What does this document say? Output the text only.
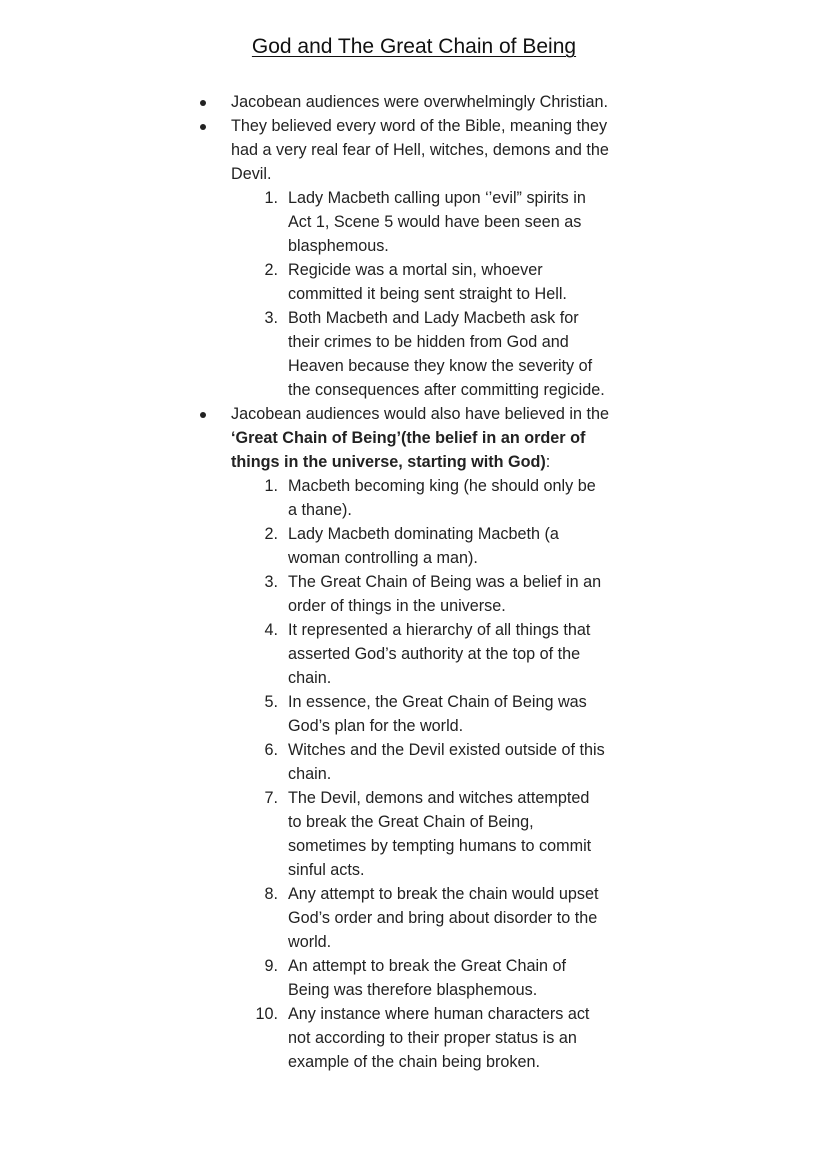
God and The Great Chain of Being
Jacobean audiences were overwhelmingly Christian.
They believed every word of the Bible, meaning they had a very real fear of Hell, witches, demons and the Devil.
1. Lady Macbeth calling upon ‘’evil” spirits in Act 1, Scene 5 would have been seen as blasphemous.
2. Regicide was a mortal sin, whoever committed it being sent straight to Hell.
3. Both Macbeth and Lady Macbeth ask for their crimes to be hidden from God and Heaven because they know the severity of the consequences after committing regicide.
Jacobean audiences would also have believed in the ‘Great Chain of Being’(the belief in an order of things in the universe, starting with God):
1. Macbeth becoming king (he should only be a thane).
2. Lady Macbeth dominating Macbeth (a woman controlling a man).
3. The Great Chain of Being was a belief in an order of things in the universe.
4. It represented a hierarchy of all things that asserted God’s authority at the top of the chain.
5. In essence, the Great Chain of Being was God’s plan for the world.
6. Witches and the Devil existed outside of this chain.
7. The Devil, demons and witches attempted to break the Great Chain of Being, sometimes by tempting humans to commit sinful acts.
8. Any attempt to break the chain would upset God’s order and bring about disorder to the world.
9. An attempt to break the Great Chain of Being was therefore blasphemous.
10. Any instance where human characters act not according to their proper status is an example of the chain being broken.
